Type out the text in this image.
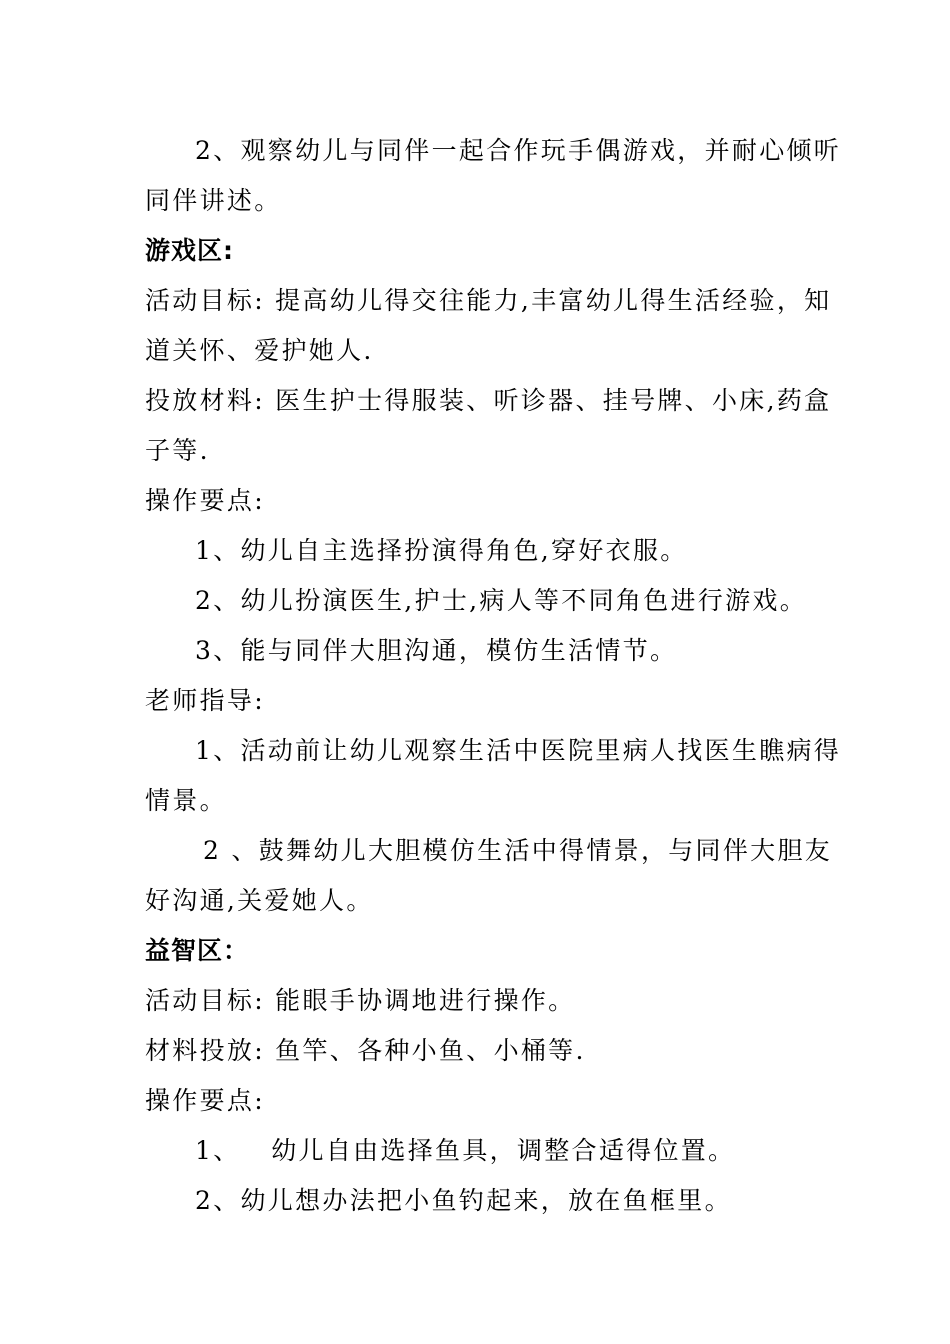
2、观察幼儿与同伴一起合作玩手偶游戏，并耐心倾听
同伴讲述。
游戏区:
活动目标: 提高幼儿得交往能力,丰富幼儿得生活经验，知
道关怀、爱护她人.
投放材料: 医生护士得服装、听诊器、挂号牌、小床,药盒
子等.
操作要点:
1、幼儿自主选择扮演得角色,穿好衣服。
2、幼儿扮演医生,护士,病人等不同角色进行游戏。
3、能与同伴大胆沟通，模仿生活情节。
老师指导:
1、活动前让幼儿观察生活中医院里病人找医生瞧病得
情景。
2 、鼓舞幼儿大胆模仿生活中得情景，与同伴大胆友
好沟通,关爱她人。
益智区：
活动目标: 能眼手协调地进行操作。
材料投放: 鱼竿、各种小鱼、小桶等.
操作要点:
1、   幼儿自由选择鱼具，调整合适得位置。
2、幼儿想办法把小鱼钓起来，放在鱼框里。
